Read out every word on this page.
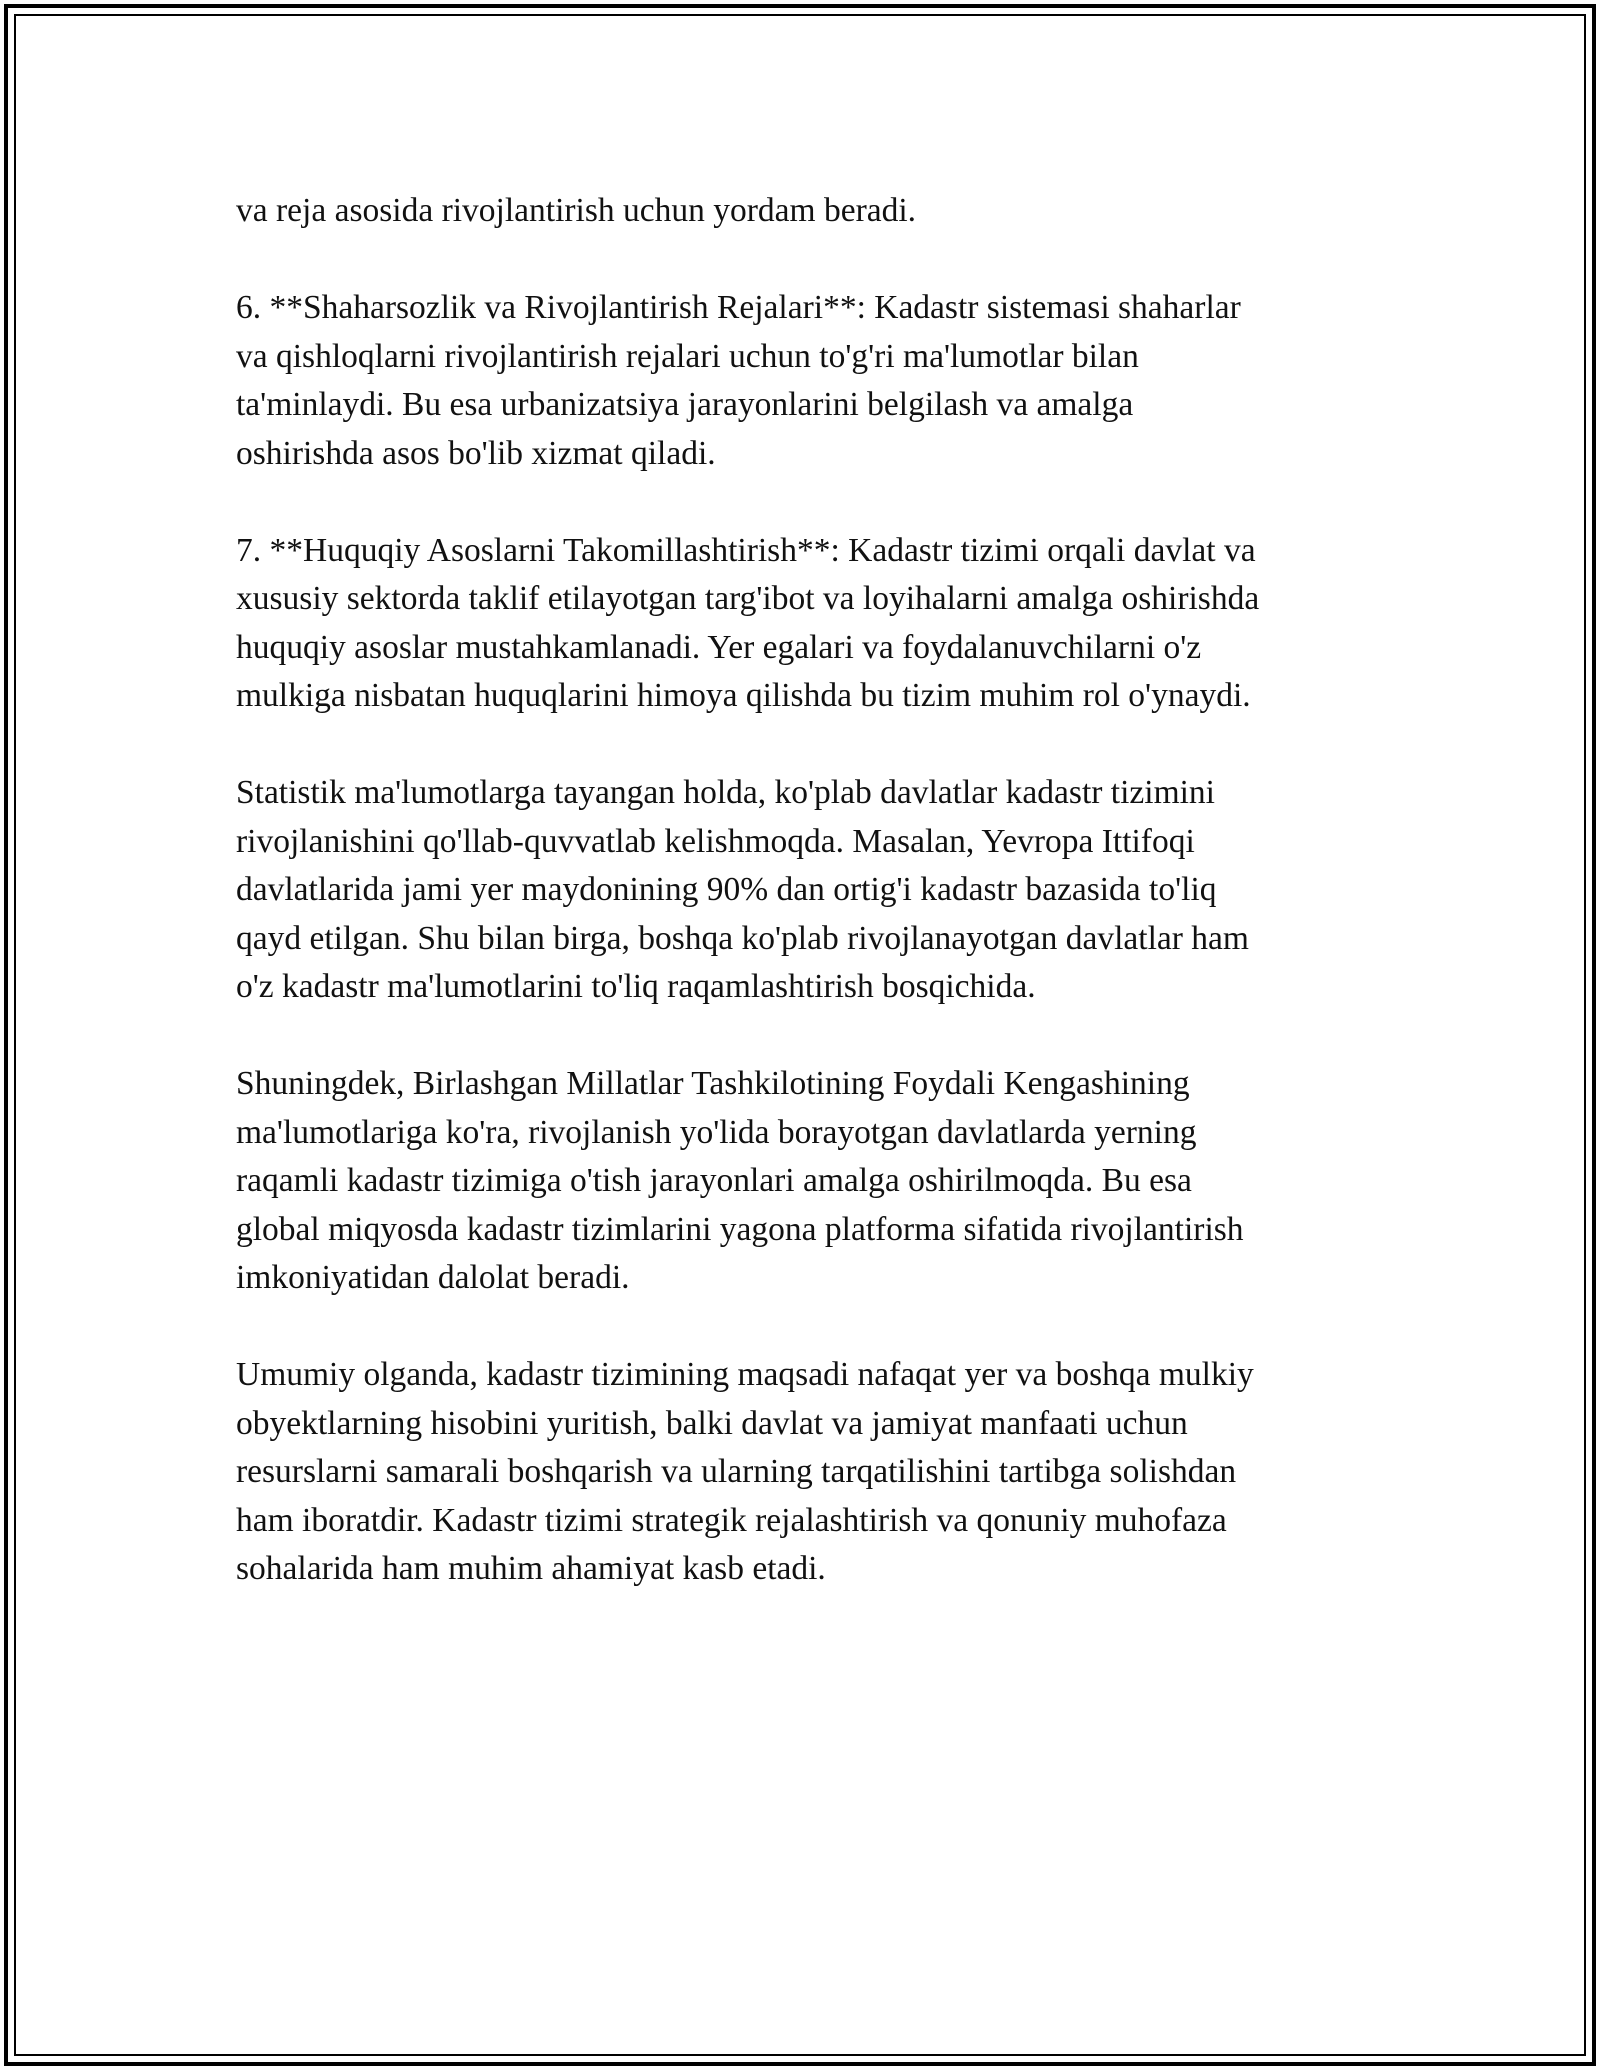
va reja asosida rivojlantirish uchun yordam beradi.

6. **Shaharsozlik va Rivojlantirish Rejalari**: Kadastr sistemasi shaharlar
va qishloqlarni rivojlantirish rejalari uchun to'g'ri ma'lumotlar bilan
ta'minlaydi. Bu esa urbanizatsiya jarayonlarini belgilash va amalga
oshirishda asos bo'lib xizmat qiladi.

7. **Huquqiy Asoslarni Takomillashtirish**: Kadastr tizimi orqali davlat va
xususiy sektorda taklif etilayotgan targ'ibot va loyihalarni amalga oshirishda
huquqiy asoslar mustahkamlanadi. Yer egalari va foydalanuvchilarni o'z
mulkiga nisbatan huquqlarini himoya qilishda bu tizim muhim rol o'ynaydi.

Statistik ma'lumotlarga tayangan holda, ko'plab davlatlar kadastr tizimini
rivojlanishini qo'llab-quvvatlab kelishmoqda. Masalan, Yevropa Ittifoqi
davlatlarida jami yer maydonining 90% dan ortig'i kadastr bazasida to'liq
qayd etilgan. Shu bilan birga, boshqa ko'plab rivojlanayotgan davlatlar ham
o'z kadastr ma'lumotlarini to'liq raqamlashtirish bosqichida.

Shuningdek, Birlashgan Millatlar Tashkilotining Foydali Kengashining
ma'lumotlariga ko'ra, rivojlanish yo'lida borayotgan davlatlarda yerning
raqamli kadastr tizimiga o'tish jarayonlari amalga oshirilmoqda. Bu esa
global miqyosda kadastr tizimlarini yagona platforma sifatida rivojlantirish
imkoniyatidan dalolat beradi.

Umumiy olganda, kadastr tizimining maqsadi nafaqat yer va boshqa mulkiy
obyektlarning hisobini yuritish, balki davlat va jamiyat manfaati uchun
resurslarni samarali boshqarish va ularning tarqatilishini tartibga solishdan
ham iboratdir. Kadastr tizimi strategik rejalashtirish va qonuniy muhofaza
sohalarida ham muhim ahamiyat kasb etadi.
